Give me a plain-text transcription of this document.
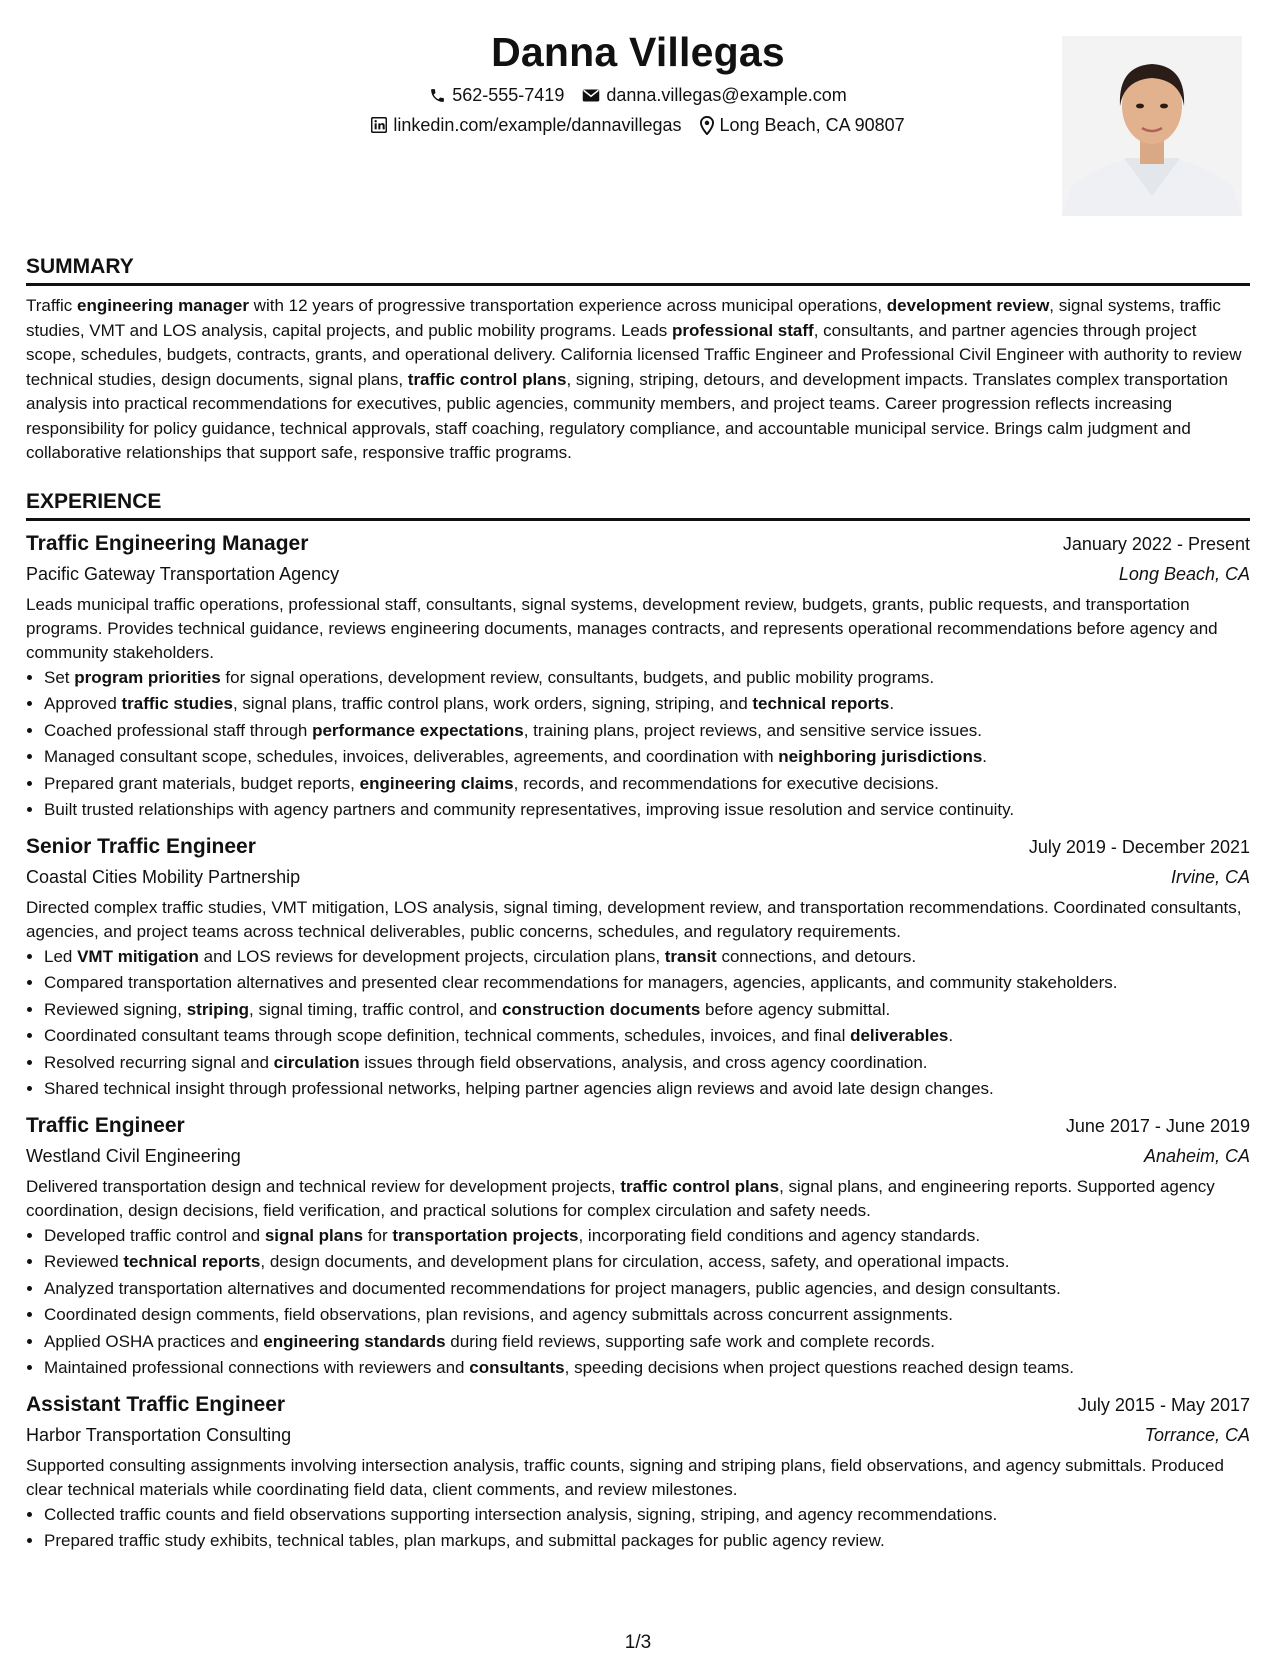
Danna Villegas
562-555-7419 danna.villegas@example.com
linkedin.com/example/dannavillegas Long Beach, CA 90807
SUMMARY
Traffic engineering manager with 12 years of progressive transportation experience across municipal operations, development review, signal systems, traffic studies, VMT and LOS analysis, capital projects, and public mobility programs. Leads professional staff, consultants, and partner agencies through project scope, schedules, budgets, contracts, grants, and operational delivery. California licensed Traffic Engineer and Professional Civil Engineer with authority to review technical studies, design documents, signal plans, traffic control plans, signing, striping, detours, and development impacts. Translates complex transportation analysis into practical recommendations for executives, public agencies, community members, and project teams. Career progression reflects increasing responsibility for policy guidance, technical approvals, staff coaching, regulatory compliance, and accountable municipal service. Brings calm judgment and collaborative relationships that support safe, responsive traffic programs.
EXPERIENCE
Traffic Engineering Manager	January 2022 - Present
Pacific Gateway Transportation Agency	Long Beach, CA
Leads municipal traffic operations, professional staff, consultants, signal systems, development review, budgets, grants, public requests, and transportation programs. Provides technical guidance, reviews engineering documents, manages contracts, and represents operational recommendations before agency and community stakeholders.
• Set program priorities for signal operations, development review, consultants, budgets, and public mobility programs.
• Approved traffic studies, signal plans, traffic control plans, work orders, signing, striping, and technical reports.
• Coached professional staff through performance expectations, training plans, project reviews, and sensitive service issues.
• Managed consultant scope, schedules, invoices, deliverables, agreements, and coordination with neighboring jurisdictions.
• Prepared grant materials, budget reports, engineering claims, records, and recommendations for executive decisions.
• Built trusted relationships with agency partners and community representatives, improving issue resolution and service continuity.
Senior Traffic Engineer	July 2019 - December 2021
Coastal Cities Mobility Partnership	Irvine, CA
Directed complex traffic studies, VMT mitigation, LOS analysis, signal timing, development review, and transportation recommendations. Coordinated consultants, agencies, and project teams across technical deliverables, public concerns, schedules, and regulatory requirements.
• Led VMT mitigation and LOS reviews for development projects, circulation plans, transit connections, and detours.
• Compared transportation alternatives and presented clear recommendations for managers, agencies, applicants, and community stakeholders.
• Reviewed signing, striping, signal timing, traffic control, and construction documents before agency submittal.
• Coordinated consultant teams through scope definition, technical comments, schedules, invoices, and final deliverables.
• Resolved recurring signal and circulation issues through field observations, analysis, and cross agency coordination.
• Shared technical insight through professional networks, helping partner agencies align reviews and avoid late design changes.
Traffic Engineer	June 2017 - June 2019
Westland Civil Engineering	Anaheim, CA
Delivered transportation design and technical review for development projects, traffic control plans, signal plans, and engineering reports. Supported agency coordination, design decisions, field verification, and practical solutions for complex circulation and safety needs.
• Developed traffic control and signal plans for transportation projects, incorporating field conditions and agency standards.
• Reviewed technical reports, design documents, and development plans for circulation, access, safety, and operational impacts.
• Analyzed transportation alternatives and documented recommendations for project managers, public agencies, and design consultants.
• Coordinated design comments, field observations, plan revisions, and agency submittals across concurrent assignments.
• Applied OSHA practices and engineering standards during field reviews, supporting safe work and complete records.
• Maintained professional connections with reviewers and consultants, speeding decisions when project questions reached design teams.
Assistant Traffic Engineer	July 2015 - May 2017
Harbor Transportation Consulting	Torrance, CA
Supported consulting assignments involving intersection analysis, traffic counts, signing and striping plans, field observations, and agency submittals. Produced clear technical materials while coordinating field data, client comments, and review milestones.
• Collected traffic counts and field observations supporting intersection analysis, signing, striping, and agency recommendations.
• Prepared traffic study exhibits, technical tables, plan markups, and submittal packages for public agency review.
1/3
